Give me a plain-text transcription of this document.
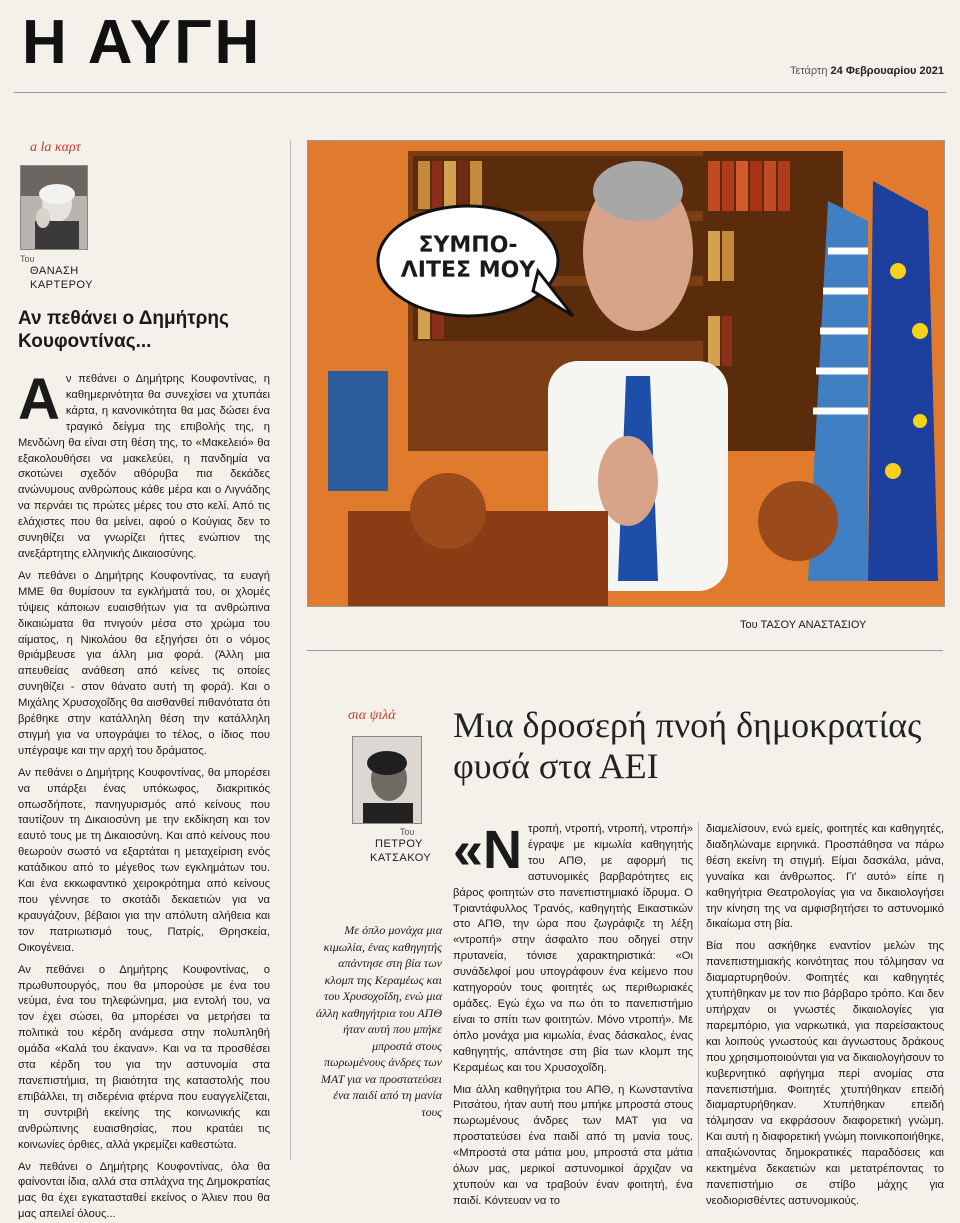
Η ΑΥΓΗ	Τετάρτη 24 Φεβρουαρίου 2021
a la καρτ
Του
ΘΑΝΑΣΗ
ΚΑΡΤΕΡΟΥ
Αν πεθάνει ο Δημήτρης Κουφοντίνας...

Αν πεθάνει ο Δημήτρης Κουφοντίνας, η καθημερινότητα θα συνεχίσει να χτυπάει κάρτα, η κανονικότητα θα μας δώσει ένα τραγικό δείγμα της επιβολής της, η Μενδώνη θα είναι στη θέση της, το «Μακελειό» θα εξακολουθήσει να μακελεύει, η πανδημία να σκοτώνει σχεδόν αθόρυβα πια δεκάδες ανώνυμους ανθρώπους κάθε μέρα και ο Λιγνάδης να περνάει τις πρώτες μέρες του στο κελί. Από τις ελάχιστες που θα μείνει, αφού ο Κούγιας δεν το συνηθίζει να γνωρίζει ήττες ενώπιον της ανεξάρτητης ελληνικής Δικαιοσύνης.

Αν πεθάνει ο Δημήτρης Κουφοντίνας, τα ευαγή ΜΜΕ θα θυμίσουν τα εγκλήματά του, οι χλομές τύψεις κάποιων ευαισθήτων για τα ανθρώπινα δικαιώματα θα πνιγούν μέσα στο χρώμα του αίματος, η Νικολάου θα εξηγήσει ότι ο νόμος θριάμβευσε για άλλη μια φορά. (Άλλη μια απευθείας ανάθεση από κείνες τις οποίες συνηθίζει - στον θάνατο αυτή τη φορά). Και ο Μιχάλης Χρυσοχοΐδης θα αισθανθεί πιθανότατα ότι βρέθηκε στην κατάλληλη θέση την κατάλληλη στιγμή για να υπογράψει το τέλος, ο ίδιος που υπέγραψε και την αρχή του δράματος.

Αν πεθάνει ο Δημήτρης Κουφοντίνας, θα μπορέσει να υπάρξει ένας υπόκωφος, διακριτικός οπωσδήποτε, πανηγυρισμός από κείνους που ταυτίζουν τη Δικαιοσύνη με την εκδίκηση και τον εαυτό τους με τη Δικαιοσύνη. Και από κείνους που θεωρούν σωστό να εξαρτάται η μεταχείριση ενός κατάδικου από το μέγεθος των εγκλημάτων του. Και ένα εκκωφαντικό χειροκρότημα από κείνους που γέννησε το σκοτάδι δεκαετιών για να κραυγάζουν, βέβαιοι για την απόλυτη αλήθεια και τον πατριωτισμό τους, Πατρίς, Θρησκεία, Οικογένεια.

Αν πεθάνει ο Δημήτρης Κουφοντίνας, ο πρωθυπουργός, που θα μπορούσε με ένα του νεύμα, ένα του τηλεφώνημα, μια εντολή του, να τον έχει σώσει, θα μπορέσει να μετρήσει τα πολιτικά του κέρδη ανάμεσα στην πολυπληθή ομάδα «Καλά του έκαναν». Και να τα προσθέσει στα κέρδη του για την αστυνομία στα πανεπιστήμια, τη βιαιότητα της καταστολής που επιβάλλει, τη σιδερένια φτέρνα που ευαγγελίζεται, τη συντριβή εκείνης της κοινωνικής και ανθρώπινης ευαισθησίας, που κρατάει τις κοινωνίες όρθιες, αλλά γκρεμίζει καθεστώτα.

Αν πεθάνει ο Δημήτρης Κουφοντίνας, όλα θα φαίνονται ίδια, αλλά στα σπλάχνα της Δημοκρατίας μας θα έχει εγκατασταθεί εκείνος ο Άλιεν που θα μας απειλεί όλους...

ΣΥΜΠΟ- ΛΙΤΕΣ ΜΟΥ
Του ΤΑΣΟΥ ΑΝΑΣΤΑΣΙΟΥ
σια ψιλά
Του
ΠΕΤΡΟΥ
ΚΑΤΣΑΚΟΥ
Μια δροσερή πνοή δημοκρατίας φυσά στα ΑΕΙ
Με όπλο μονάχα μια κιμωλία, ένας καθηγητής απάντησε στη βία των κλομπ της Κεραμέως και του Χρυσοχοΐδη, ενώ μια άλλη καθηγήτρια του ΑΠΘ ήταν αυτή που μπήκε μπροστά στους πωρωμένους άνδρες των ΜΑΤ για να προστατεύσει ένα παιδί από τη μανία τους

«Ντροπή, ντροπή, ντροπή, ντροπή» έγραψε με κιμωλία καθηγητής του ΑΠΘ, με αφορμή τις αστυνομικές βαρβαρότητες εις βάρος φοιτητών στο πανεπιστημιακό ίδρυμα. Ο Τριαντάφυλλος Τρανός, καθηγητής Εικαστικών στο ΑΠΘ, την ώρα που ζωγράφιζε τη λέξη «ντροπή» στην άσφαλτο που οδηγεί στην πρυτανεία, τόνισε χαρακτηριστικά: «Οι συνάδελφοί μου υπογράφουν ένα κείμενο που κατηγορούν τους φοιτητές ως περιθωριακές ομάδες. Εγώ έχω να πω ότι το πανεπιστήμιο είναι το σπίτι των φοιτητών. Μόνο ντροπή». Με όπλο μονάχα μια κιμωλία, ένας δάσκαλος, ένας καθηγητής, απάντησε στη βία των κλομπ της Κεραμέως και του Χρυσοχοΐδη.

Μια άλλη καθηγήτρια του ΑΠΘ, η Κωνσταντίνα Ριτσάτου, ήταν αυτή που μπήκε μπροστά στους πωρωμένους άνδρες των ΜΑΤ για να προστατεύσει ένα παιδί από τη μανία τους. «Μπροστά στα μάτια μου, μπροστά στα μάτια όλων μας, μερικοί αστυνομικοί άρχιζαν να χτυπούν και να τραβούν έναν φοιτητή, ένα παιδί. Κόντευαν να το

διαμελίσουν, ενώ εμείς, φοιτητές και καθηγητές, διαδηλώναμε ειρηνικά. Προσπάθησα να πάρω θέση εκείνη τη στιγμή. Είμαι δασκάλα, μάνα, γυναίκα και άνθρωπος. Γι' αυτό» είπε η καθηγήτρια Θεατρολογίας για να δικαιολογήσει την κίνηση της να αμφισβητήσει το αστυνομικό δικαίωμα στη βία.

Βία που ασκήθηκε εναντίον μελών της πανεπιστημιακής κοινότητας που τόλμησαν να διαμαρτυρηθούν. Φοιτητές και καθηγητές χτυπήθηκαν με τον πιο βάρβαρο τρόπο. Και δεν υπήρχαν οι γνωστές δικαιολογίες για παρεμπόριο, για ναρκωτικά, για παρείσακτους και λοιπούς γνωστούς και άγνωστους δράκους που χρησιμοποιούνται για να δικαιολογήσουν το κυβερνητικό αφήγημα περί ανομίας στα πανεπιστήμια. Φοιτητές χτυπήθηκαν επειδή διαμαρτυρήθηκαν. Χτυπήθηκαν επειδή τόλμησαν να εκφράσουν διαφορετική γνώμη. Και αυτή η διαφορετική γνώμη ποινικοποιήθηκε, απαξιώνοντας δημοκρατικές παραδόσεις και κεκτημένα δεκαετιών και μετατρέποντας το πανεπιστήμιο σε στίβο μάχης για νεοδιορισθέντες αστυνομικούς.
